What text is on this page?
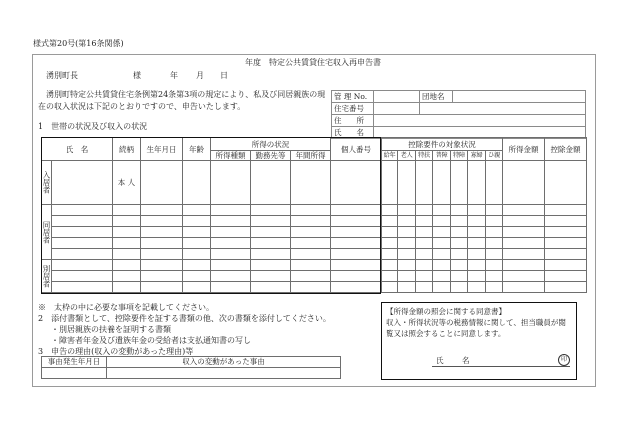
様式第20号(第16条関係)
年度　特定公共賃貸住宅収入再申告書
湧別町長	様	年 月 日
湧別町特定公共賃貸住宅条例第24条第3項の規定により、私及び同居親族の現在の収入状況は下記のとおりですので、申告いたします。
管 理 No.		団地名	
住宅番号			
住　　所			
氏　　名			
1　世帯の状況及び収入の状況
氏　名		続柄	生年月日	年齢	所得の状況			個人番号	控除要件の対象状況							所得金額	控除金額
					所得種類	勤務先等	年間所得		給年	老人	特扶	普障	特障	寡婦	ひ親		
入居者		本 人															
同居者																	

別居者																	

※　太枠の中に必要な事項を記載してください。
2　添付書類として、控除要件を証する書類の他、次の書類を添付してください。
・別居親族の扶養を証明する書類
・障害者年金及び遺族年金の受給者は支払通知書の写し
3　申告の理由(収入の変動があった理由)等
事由発生年月日	収入の変動があった事由

【所得金額の照会に関する同意書】
収入・所得状況等の税務情報に関して、担当職員が閲覧又は照会することに同意します。
氏 名	印
